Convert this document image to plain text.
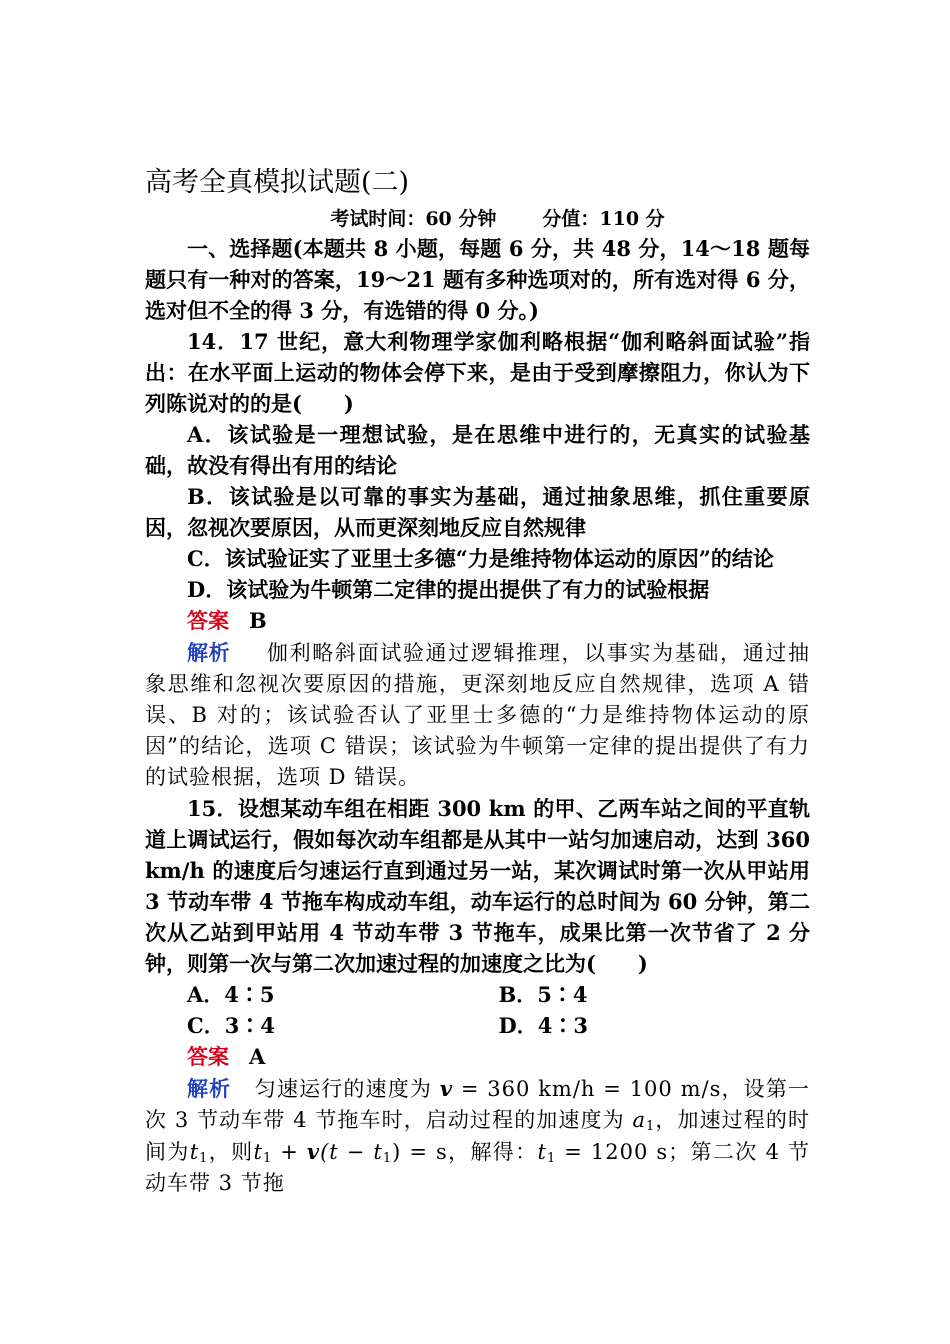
高考全真模拟试题(二)
考试时间：60 分钟 分值：110 分

一、选择题(本题共 8 小题，每题 6 分，共 48 分，14～18 题每题只有一种对的答案，19～21 题有多种选项对的，所有选对得 6 分，选对但不全的得 3 分，有选错的得 0 分。)

14．17 世纪，意大利物理学家伽利略根据“伽利略斜面试验”指出：在水平面上运动的物体会停下来，是由于受到摩擦阻力，你认为下列陈说对的的是(　　)

A．该试验是一理想试验，是在思维中进行的，无真实的试验基础，故没有得出有用的结论

B．该试验是以可靠的事实为基础，通过抽象思维，抓住重要原因，忽视次要原因，从而更深刻地反应自然规律

C．该试验证实了亚里士多德“力是维持物体运动的原因”的结论

D．该试验为牛顿第二定律的提出提供了有力的试验根据

答案 B

解析 伽利略斜面试验通过逻辑推理，以事实为基础，通过抽象思维和忽视次要原因的措施，更深刻地反应自然规律，选项 A 错误、B 对的；该试验否认了亚里士多德的“力是维持物体运动的原因”的结论，选项 C 错误；该试验为牛顿第一定律的提出提供了有力的试验根据，选项 D 错误。

15．设想某动车组在相距 300 km 的甲、乙两车站之间的平直轨道上调试运行，假如每次动车组都是从其中一站匀加速启动，达到 360 km/h 的速度后匀速运行直到通过另一站，某次调试时第一次从甲站用 3 节动车带 4 节拖车构成动车组，动车运行的总时间为 60 分钟，第二次从乙站到甲站用 4 节动车带 3 节拖车，成果比第一次节省了 2 分钟，则第一次与第二次加速过程的加速度之比为(　　)

A．4∶5	B．5∶4
C．3∶4	D．4∶3

答案 A

解析 匀速运行的速度为 v = 360 km/h = 100 m/s，设第一次 3 节动车带 4 节拖车时，启动过程的加速度为 $a_1$，加速过程的时间为$t_1$，则$t_1 + v(t - t_1) = s$，解得：$t_1 = 1200$ s；第二次 4 节动车带 3 节拖
